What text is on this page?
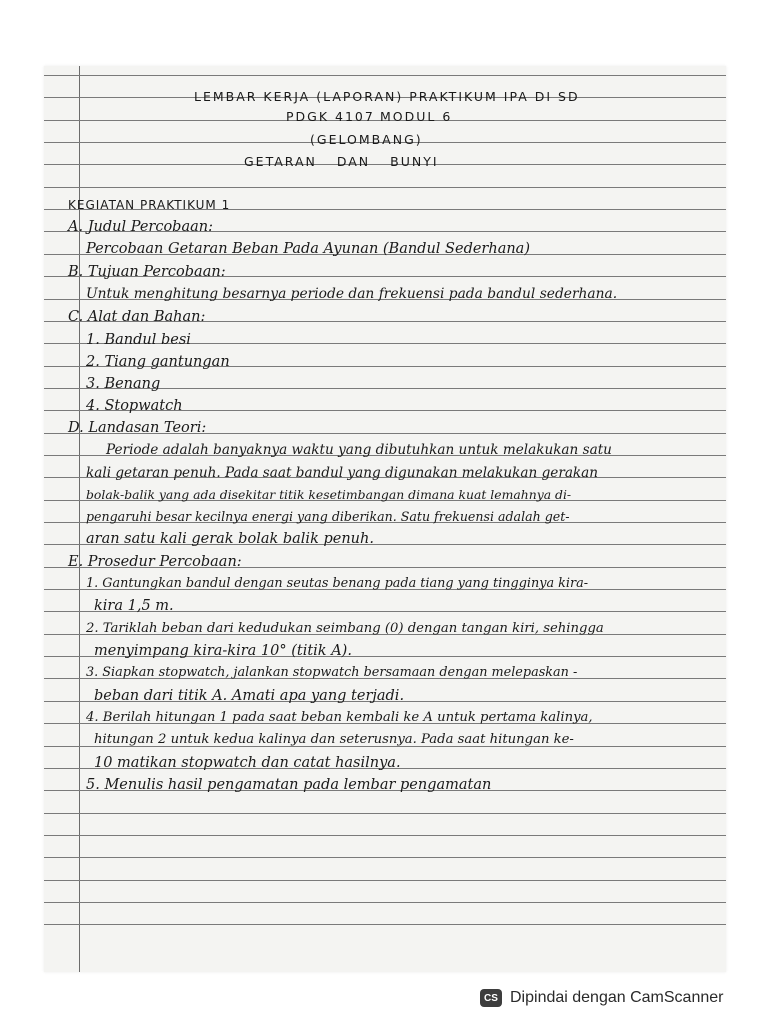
LEMBAR KERJA (LAPORAN) PRAKTIKUM IPA DI SD
PDGK 4107 MODUL 6
(GELOMBANG)
GETARAN DAN BUNYI
KEGIATAN PRAKTIKUM 1
A. Judul Percobaan:
Percobaan Getaran Beban Pada Ayunan (Bandul Sederhana)
B. Tujuan Percobaan:
Untuk menghitung besarnya periode dan frekuensi pada bandul sederhana.
C. Alat dan Bahan:
1. Bandul besi
2. Tiang gantungan
3. Benang
4. Stopwatch
D. Landasan Teori:
Periode adalah banyaknya waktu yang dibutuhkan untuk melakukan satu
kali getaran penuh. Pada saat bandul yang digunakan melakukan gerakan
bolak-balik yang ada disekitar titik kesetimbangan dimana kuat lemahnya di-
pengaruhi besar kecilnya energi yang diberikan. Satu frekuensi adalah get-
aran satu kali gerak bolak balik penuh.
E. Prosedur Percobaan:
1. Gantungkan bandul dengan seutas benang pada tiang yang tingginya kira-
kira 1,5 m.
2. Tariklah beban dari kedudukan seimbang (0) dengan tangan kiri, sehingga
menyimpang kira-kira 10° (titik A).
3. Siapkan stopwatch, jalankan stopwatch bersamaan dengan melepaskan -
beban dari titik A. Amati apa yang terjadi.
4. Berilah hitungan 1 pada saat beban kembali ke A untuk pertama kalinya,
hitungan 2 untuk kedua kalinya dan seterusnya. Pada saat hitungan ke-
10 matikan stopwatch dan catat hasilnya.
5. Menulis hasil pengamatan pada lembar pengamatan
CS Dipindai dengan CamScanner
